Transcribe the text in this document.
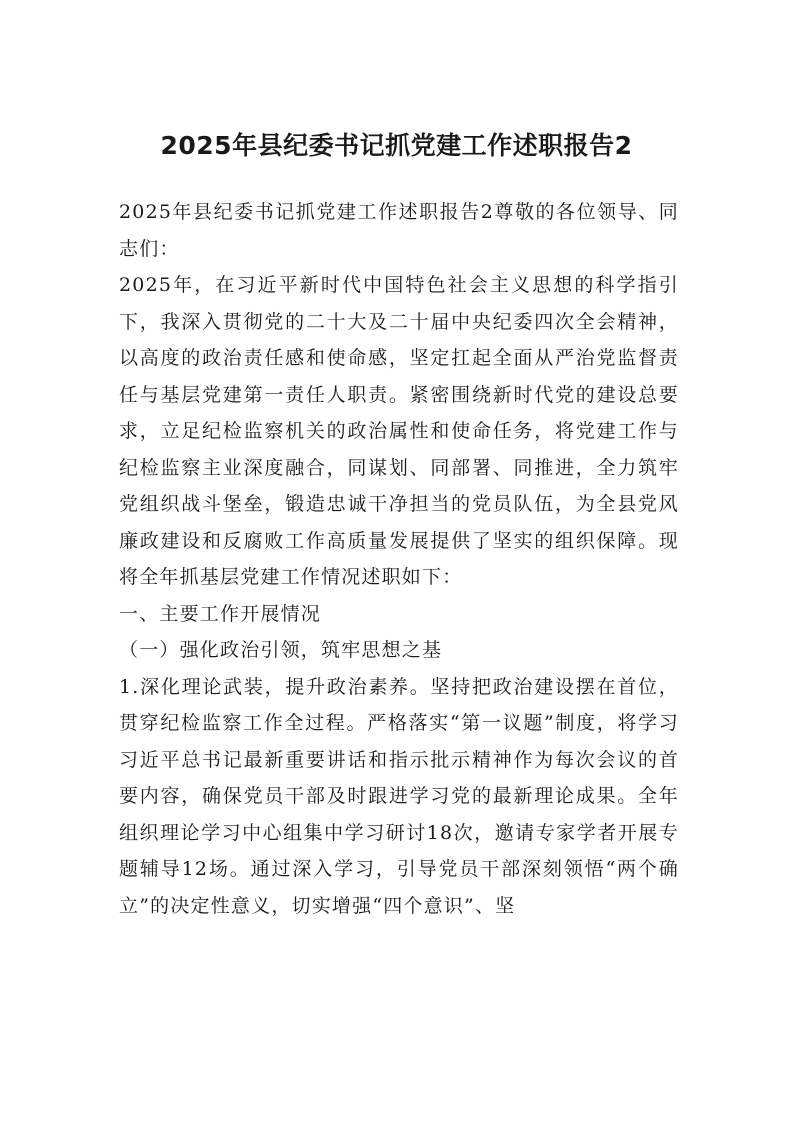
2025年县纪委书记抓党建工作述职报告2

2025年县纪委书记抓党建工作述职报告2尊敬的各位领导、同志们：

2025年，在习近平新时代中国特色社会主义思想的科学指引下，我深入贯彻党的二十大及二十届中央纪委四次全会精神，以高度的政治责任感和使命感，坚定扛起全面从严治党监督责任与基层党建第一责任人职责。紧密围绕新时代党的建设总要求，立足纪检监察机关的政治属性和使命任务，将党建工作与纪检监察主业深度融合，同谋划、同部署、同推进，全力筑牢党组织战斗堡垒，锻造忠诚干净担当的党员队伍，为全县党风廉政建设和反腐败工作高质量发展提供了坚实的组织保障。现将全年抓基层党建工作情况述职如下：

一、主要工作开展情况

（一）强化政治引领，筑牢思想之基

1.深化理论武装，提升政治素养。坚持把政治建设摆在首位，贯穿纪检监察工作全过程。严格落实“第一议题”制度，将学习习近平总书记最新重要讲话和指示批示精神作为每次会议的首要内容，确保党员干部及时跟进学习党的最新理论成果。全年组织理论学习中心组集中学习研讨18次，邀请专家学者开展专题辅导12场。通过深入学习，引导党员干部深刻领悟“两个确立”的决定性意义，切实增强“四个意识”、坚
